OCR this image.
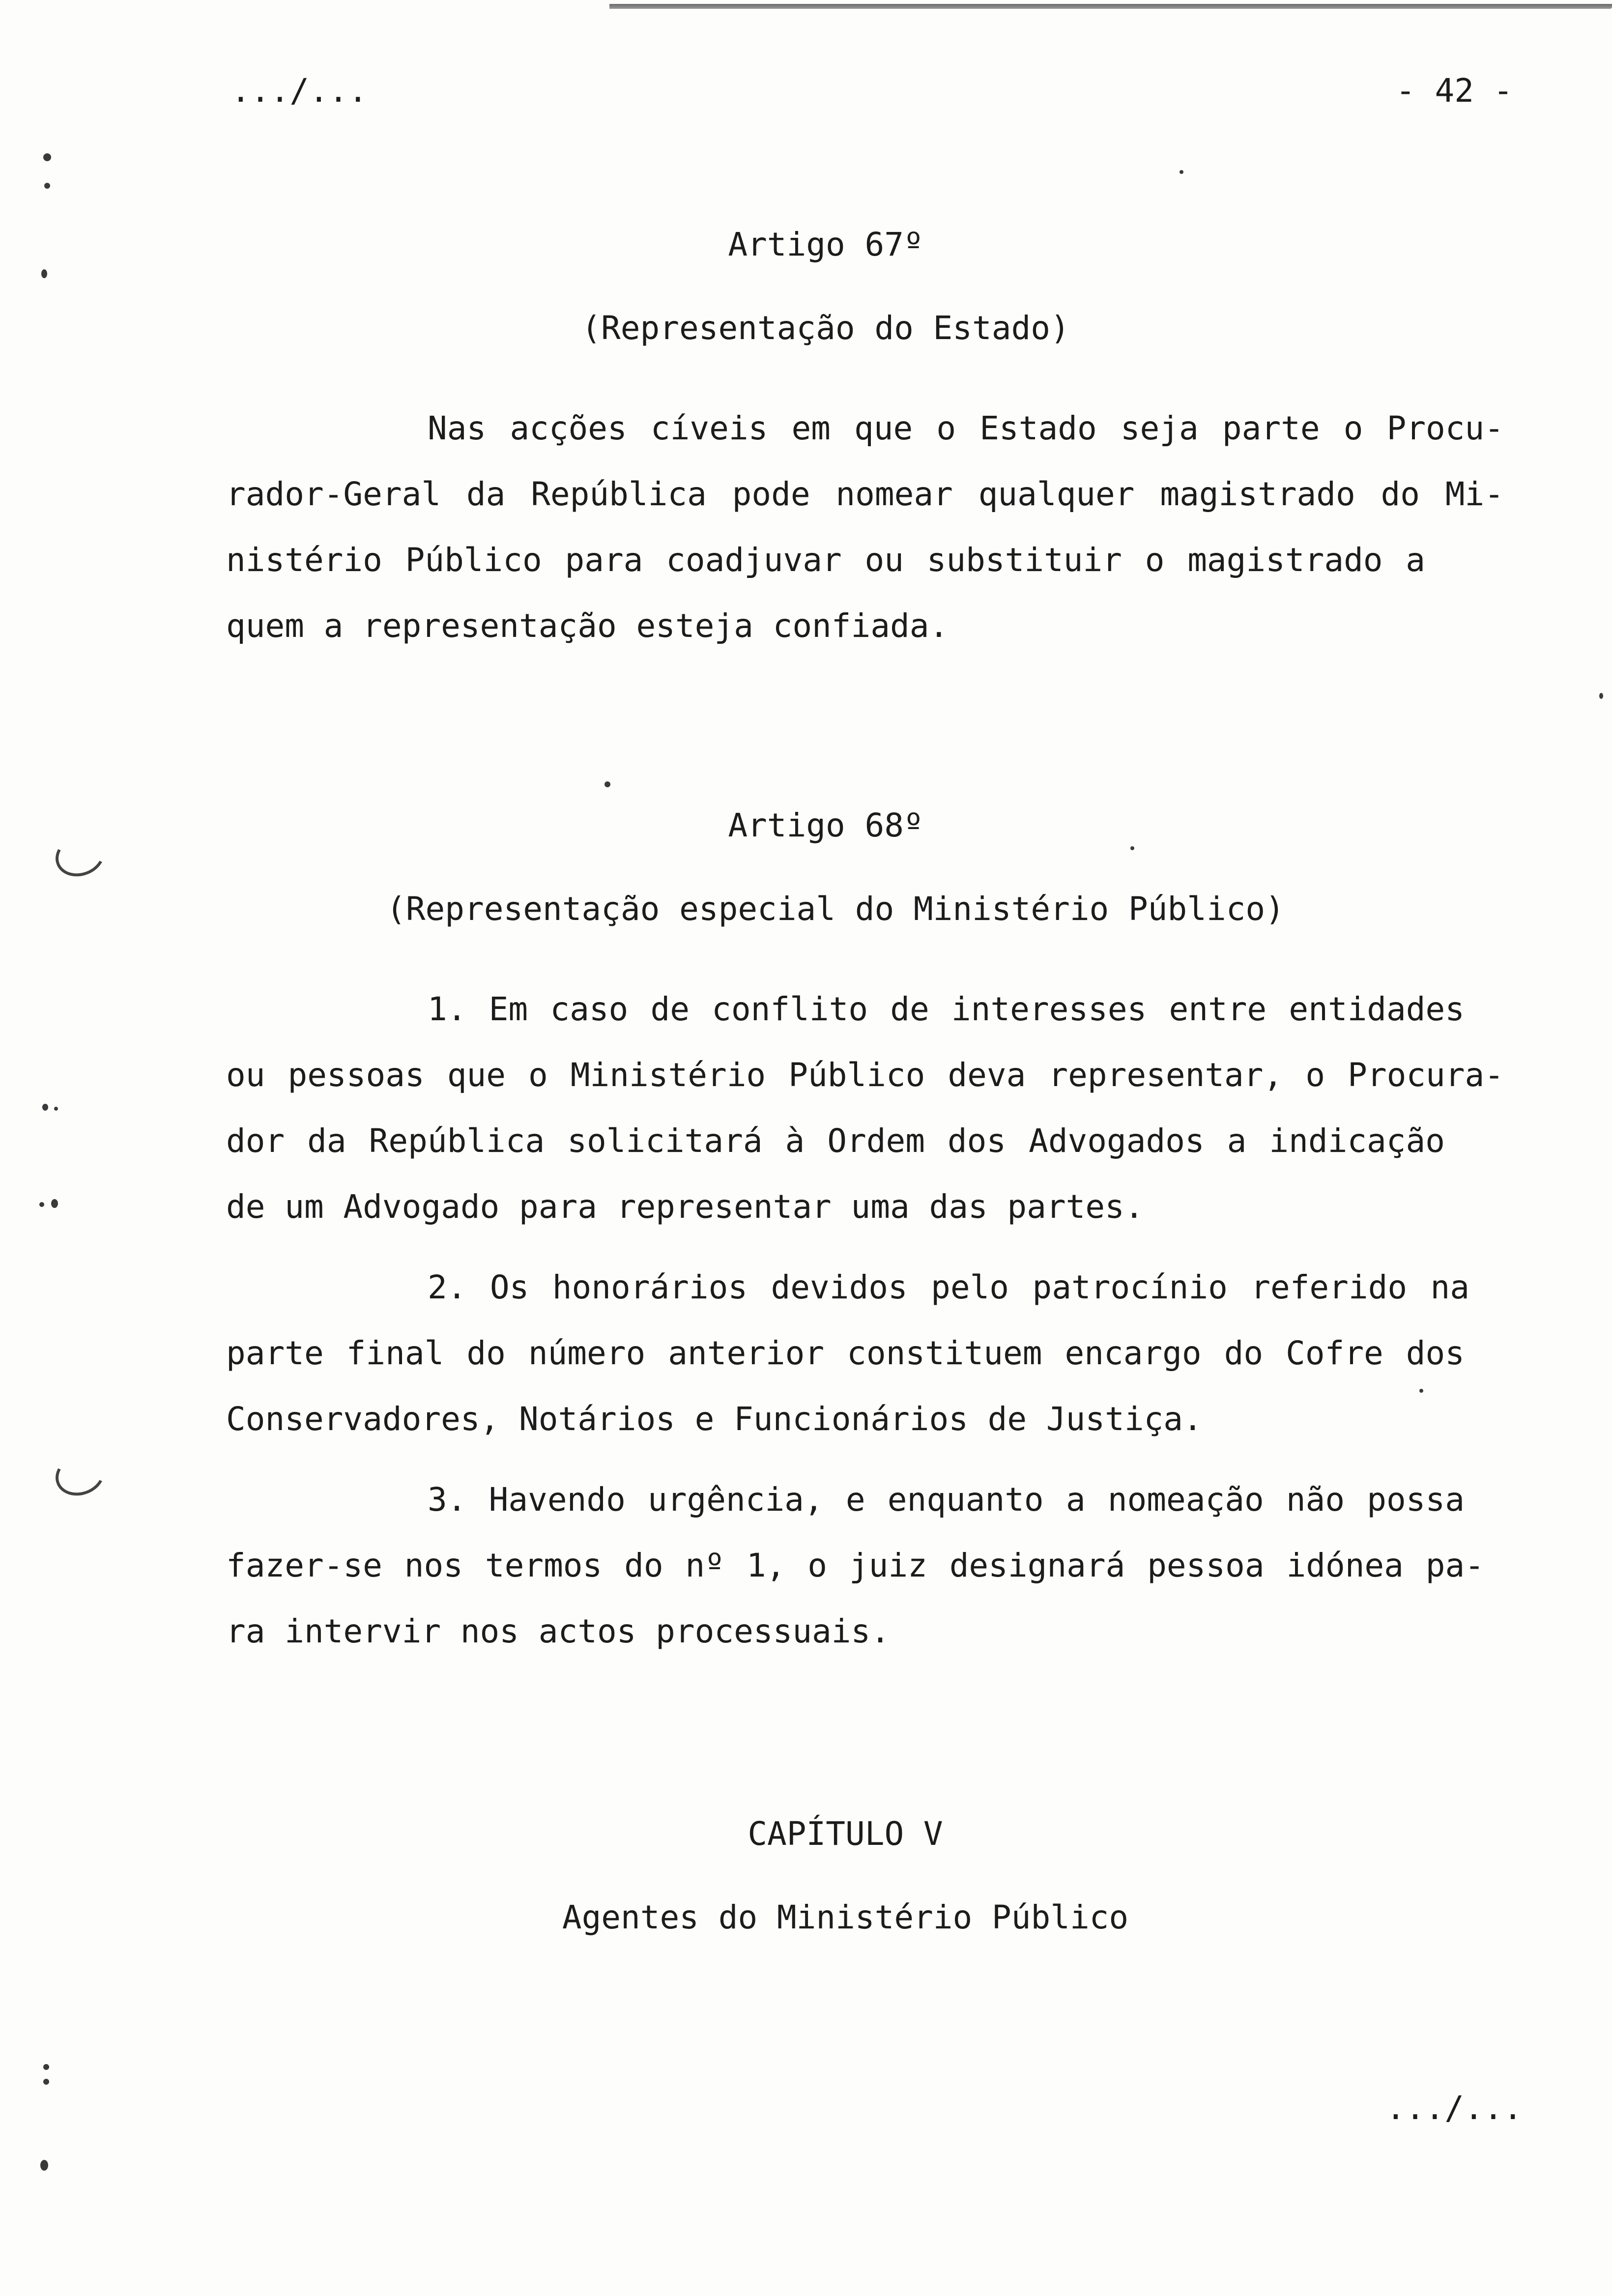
.../...	- 42 -
Artigo 67º
(Representação do Estado)
Nas acções cíveis em que o Estado seja parte o Procu-
rador-Geral da República pode nomear qualquer magistrado do Mi-
nistério Público para coadjuvar ou substituir o magistrado a
quem a representação esteja confiada.
Artigo 68º
(Representação especial do Ministério Público)
1. Em caso de conflito de interesses entre entidades
ou pessoas que o Ministério Público deva representar, o Procura-
dor da República solicitará à Ordem dos Advogados a indicação
de um Advogado para representar uma das partes.
2. Os honorários devidos pelo patrocínio referido na
parte final do número anterior constituem encargo do Cofre dos
Conservadores, Notários e Funcionários de Justiça.
3. Havendo urgência, e enquanto a nomeação não possa
fazer-se nos termos do nº 1, o juiz designará pessoa idónea pa-
ra intervir nos actos processuais.
CAPÍTULO V
Agentes do Ministério Público
.../...
